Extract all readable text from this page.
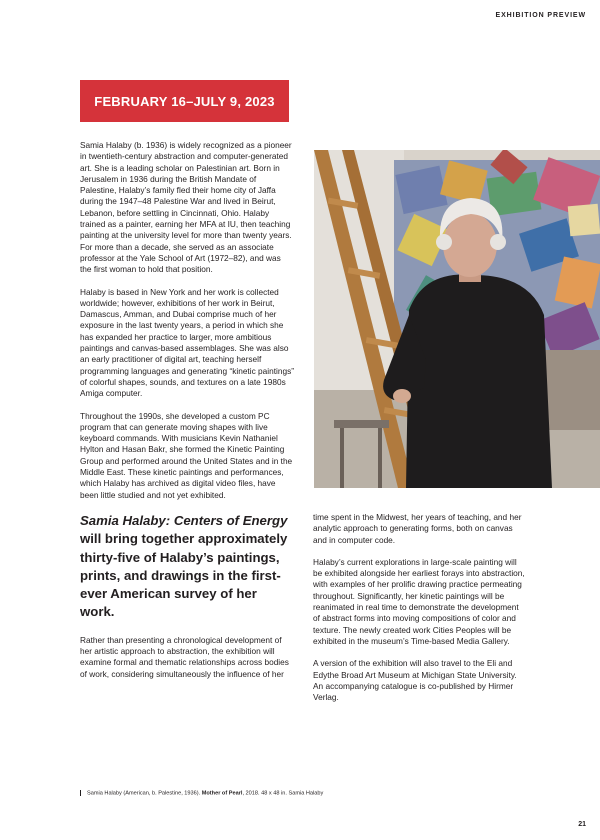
EXHIBITION PREVIEW
FEBRUARY 16–JULY 9, 2023

Samia Halaby (b. 1936) is widely recognized as a pioneer in twentieth-century abstraction and computer-generated art. She is a leading scholar on Palestinian art. Born in Jerusalem in 1936 during the British Mandate of Palestine, Halaby’s family fled their home city of Jaffa during the 1947–48 Palestine War and lived in Beirut, Lebanon, before settling in Cincinnati, Ohio. Halaby trained as a painter, earning her MFA at IU, then teaching painting at the university level for more than twenty years. For more than a decade, she served as an associate professor at the Yale School of Art (1972–82), and was the first woman to hold that position.

Halaby is based in New York and her work is collected worldwide; however, exhibitions of her work in Beirut, Damascus, Amman, and Dubai comprise much of her exposure in the last twenty years, a period in which she has expanded her practice to larger, more ambitious paintings and canvas-based assemblages. She was also an early practitioner of digital art, teaching herself programming languages and generating “kinetic paintings” of colorful shapes, sounds, and textures on a late 1980s Amiga computer.

Throughout the 1990s, she developed a custom PC program that can generate moving shapes with live keyboard commands. With musicians Kevin Nathaniel Hylton and Hasan Bakr, she formed the Kinetic Painting Group and performed around the United States and in the Middle East. These kinetic paintings and performances, which Halaby has archived as digital video files, have been little studied and not yet exhibited.

Samia Halaby: Centers of Energy will bring together approximately thirty-five of Halaby’s paintings, prints, and drawings in the first-ever American survey of her work.

Rather than presenting a chronological development of her artistic approach to abstraction, the exhibition will examine formal and thematic relationships across bodies of work, considering simultaneously the influence of her

time spent in the Midwest, her years of teaching, and her analytic approach to generating forms, both on canvas and in computer code.

Halaby’s current explorations in large-scale painting will be exhibited alongside her earliest forays into abstraction, with examples of her prolific drawing practice permeating throughout. Significantly, her kinetic paintings will be reanimated in real time to demonstrate the development of abstract forms into moving compositions of color and texture. The newly created work Cities Peoples will be exhibited in the museum’s Time-based Media Gallery.

A version of the exhibition will also travel to the Eli and Edythe Broad Art Museum at Michigan State University. An accompanying catalogue is co-published by Hirmer Verlag.

Samia Halaby (American, b. Palestine, 1936). Mother of Pearl, 2018. 48 x 48 in. Samia Halaby
21
